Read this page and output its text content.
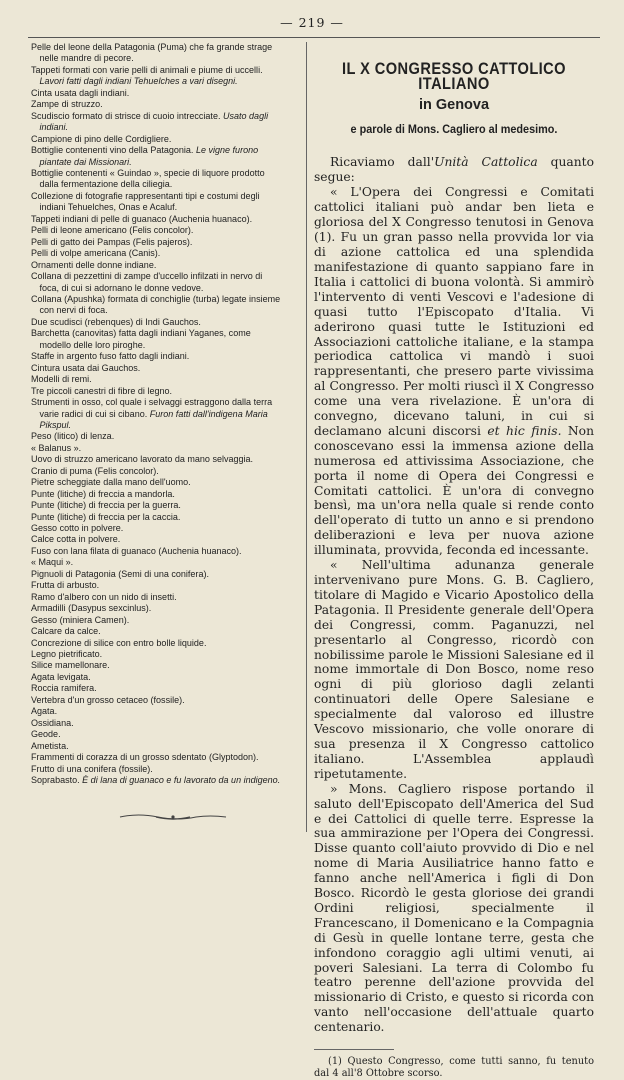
— 219 —
Pelle del leone della Patagonia (Puma) che fa grande strage nelle mandre di pecore.
Tappeti formati con varie pelli di animali e piume di uccelli. Lavori fatti dagli indiani Tehuelches a vari disegni.
Cinta usata dagli indiani.
Zampe di struzzo.
Scudiscio formato di strisce di cuoio intrecciate. Usato dagli indiani.
Campione di pino delle Cordigliere.
Bottiglie contenenti vino della Patagonia. Le vigne furono piantate dai Missionari.
Bottiglie contenenti « Guindao », specie di liquore prodotto dalla fermentazione della ciliegia.
Collezione di fotografie rappresentanti tipi e costumi degli indiani Tehuelches, Onas e Acaluf.
Tappeti indiani di pelle di guanaco (Auchenia huanaco).
Pelli di leone americano (Felis concolor).
Pelli di gatto dei Pampas (Felis pajeros).
Pelli di volpe americana (Canis).
Ornamenti delle donne indiane.
Collana di pezzettini di zampe d'uccello infilzati in nervo di foca, di cui si adornano le donne vedove.
Collana (Apushka) formata di conchiglie (turba) legate insieme con nervi di foca.
Due scudisci (rebenques) di Indi Gauchos.
Barchetta (canovitas) fatta dagli indiani Yaganes, come modello delle loro piroghe.
Staffe in argento fuso fatto dagli indiani.
Cintura usata dai Gauchos.
Modelli di remi.
Tre piccoli canestri di fibre di legno.
Strumenti in osso, col quale i selvaggi estraggono dalla terra varie radici di cui si cibano. Furon fatti dall'indigena Maria Pikspul.
Peso (litico) di lenza.
« Balanus ».
Uovo di struzzo americano lavorato da mano selvaggia.
Cranio di puma (Felis concolor).
Pietre scheggiate dalla mano dell'uomo.
Punte (litiche) di freccia a mandorla.
Punte (litiche) di freccia per la guerra.
Punte (litiche) di freccia per la caccia.
Gesso cotto in polvere.
Calce cotta in polvere.
Fuso con lana filata di guanaco (Auchenia huanaco).
« Maqui ».
Pignuoli di Patagonia (Semi di una conifera).
Frutta di arbusto.
Ramo d'albero con un nido di insetti.
Armadilli (Dasypus sexcinlus).
Gesso (miniera Camen).
Calcare da calce.
Concrezione di silice con entro bolle liquide.
Legno pietrificato.
Silice mamellonare.
Agata levigata.
Roccia ramifera.
Vertebra d'un grosso cetaceo (fossile).
Agata.
Ossidiana.
Geode.
Ametista.
Frammenti di corazza di un grosso sdentato (Glyptodon).
Frutto di una conifera (fossile).
Soprabasto. È di lana di guanaco e fu lavorato da un indigeno.
IL X CONGRESSO CATTOLICO ITALIANO
in Genova
e parole di Mons. Cagliero al medesimo.

Ricaviamo dall'Unità Cattolica quanto segue:

« L'Opera dei Congressi e Comitati cattolici italiani può andar ben lieta e gloriosa del X Congresso tenutosi in Genova (1). Fu un gran passo nella provvida lor via di azione cattolica ed una splendida manifestazione di quanto sappiano fare in Italia i cattolici di buona volontà. Si ammirò l'intervento di venti Vescovi e l'adesione di quasi tutto l'Episcopato d'Italia. Vi aderirono quasi tutte le Istituzioni ed Associazioni cattoliche italiane, e la stampa periodica cattolica vi mandò i suoi rappresentanti, che presero parte vivissima al Congresso. Per molti riuscì il X Congresso come una vera rivelazione. È un'ora di convegno, dicevano taluni, in cui si declamano alcuni discorsi et hic finis. Non conoscevano essi la immensa azione della numerosa ed attivissima Associazione, che porta il nome di Opera dei Congressi e Comitati cattolici. È un'ora di convegno bensì, ma un'ora nella quale si rende conto dell'operato di tutto un anno e si prendono deliberazioni e leva per nuova azione illuminata, provvida, feconda ed incessante.

« Nell'ultima adunanza generale intervenivano pure Mons. G. B. Cagliero, titolare di Magido e Vicario Apostolico della Patagonia. Il Presidente generale dell'Opera dei Congressi, comm. Paganuzzi, nel presentarlo al Congresso, ricordò con nobilissime parole le Missioni Salesiane ed il nome immortale di Don Bosco, nome reso ogni di più glorioso dagli zelanti continuatori delle Opere Salesiane e specialmente dal valoroso ed illustre Vescovo missionario, che volle onorare di sua presenza il X Congresso cattolico italiano. L'Assemblea applaudì ripetutamente.

» Mons. Cagliero rispose portando il saluto dell'Episcopato dell'America del Sud e dei Cattolici di quelle terre. Espresse la sua ammirazione per l'Opera dei Congressi. Disse quanto coll'aiuto provvido di Dio e nel nome di Maria Ausiliatrice hanno fatto e fanno anche nell'America i figli di Don Bosco. Ricordò le gesta gloriose dei grandi Ordini religiosi, specialmente il Francescano, il Domenicano e la Compagnia di Gesù in quelle lontane terre, gesta che infondono coraggio agli ultimi venuti, ai poveri Salesiani. La terra di Colombo fu teatro perenne dell'azione provvida del missionario di Cristo, e questo si ricorda con vanto nell'occasione dell'attuale quarto centenario.

(1) Questo Congresso, come tutti sanno, fu tenuto dal 4 all'8 Ottobre scorso.
